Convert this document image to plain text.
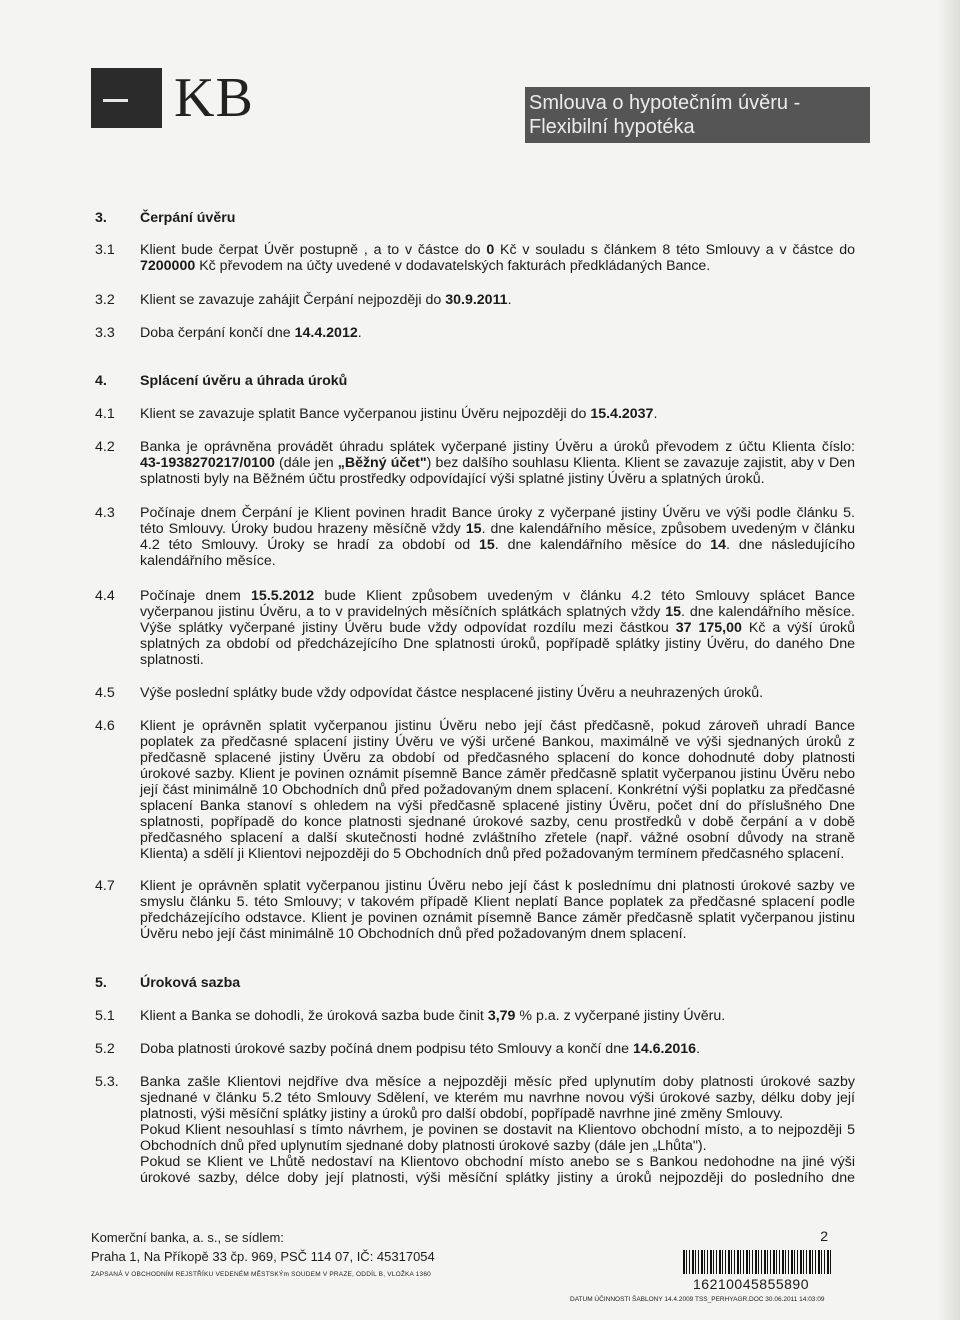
KB	Smlouva o hypotečním úvěru -
Flexibilní hypotéka
3.	Čerpání úvěru
3.1	Klient bude čerpat Úvěr postupně , a to v částce do 0 Kč v souladu s článkem 8 této Smlouvy a v částce do
7200000 Kč převodem na účty uvedené v dodavatelských fakturách předkládaných Bance.
3.2	Klient se zavazuje zahájit Čerpání nejpozději do 30.9.2011.
3.3	Doba čerpání končí dne 14.4.2012.
4.	Splácení úvěru a úhrada úroků
4.1	Klient se zavazuje splatit Bance vyčerpanou jistinu Úvěru nejpozději do 15.4.2037.
4.2	Banka je oprávněna provádět úhradu splátek vyčerpané jistiny Úvěru a úroků převodem z účtu Klienta číslo:
43-1938270217/0100 (dále jen „Běžný účet") bez dalšího souhlasu Klienta. Klient se zavazuje zajistit, aby v Den
splatnosti byly na Běžném účtu prostředky odpovídající výši splatné jistiny Úvěru a splatných úroků.
4.3	Počínaje dnem Čerpání je Klient povinen hradit Bance úroky z vyčerpané jistiny Úvěru ve výši podle článku 5.
této Smlouvy. Úroky budou hrazeny měsíčně vždy 15. dne kalendářního měsíce, způsobem uvedeným v článku
4.2 této Smlouvy. Úroky se hradí za období od 15. dne kalendářního měsíce do 14. dne následujícího
kalendářního měsíce.
4.4	Počínaje dnem 15.5.2012 bude Klient způsobem uvedeným v článku 4.2 této Smlouvy splácet Bance
vyčerpanou jistinu Úvěru, a to v pravidelných měsíčních splátkách splatných vždy 15. dne kalendářního měsíce.
Výše splátky vyčerpané jistiny Úvěru bude vždy odpovídat rozdílu mezi částkou 37 175,00 Kč a výší úroků
splatných za období od předcházejícího Dne splatnosti úroků, popřípadě splátky jistiny Úvěru, do daného Dne
splatnosti.
4.5	Výše poslední splátky bude vždy odpovídat částce nesplacené jistiny Úvěru a neuhrazených úroků.
4.6	Klient je oprávněn splatit vyčerpanou jistinu Úvěru nebo její část předčasně, pokud zároveň uhradí Bance
poplatek za předčasné splacení jistiny Úvěru ve výši určené Bankou, maximálně ve výši sjednaných úroků z
předčasně splacené jistiny Úvěru za období od předčasného splacení do konce dohodnuté doby platnosti
úrokové sazby. Klient je povinen oznámit písemně Bance záměr předčasně splatit vyčerpanou jistinu Úvěru nebo
její část minimálně 10 Obchodních dnů před požadovaným dnem splacení. Konkrétní výši poplatku za předčasné
splacení Banka stanoví s ohledem na výši předčasně splacené jistiny Úvěru, počet dní do příslušného Dne
splatnosti, popřípadě do konce platnosti sjednané úrokové sazby, cenu prostředků v době čerpání a v době
předčasného splacení a další skutečnosti hodné zvláštního zřetele (např. vážné osobní důvody na straně
Klienta) a sdělí ji Klientovi nejpozději do 5 Obchodních dnů před požadovaným termínem předčasného splacení.
4.7	Klient je oprávněn splatit vyčerpanou jistinu Úvěru nebo její část k poslednímu dni platnosti úrokové sazby ve
smyslu článku 5. této Smlouvy; v takovém případě Klient neplatí Bance poplatek za předčasné splacení podle
předcházejícího odstavce. Klient je povinen oznámit písemně Bance záměr předčasně splatit vyčerpanou jistinu
Úvěru nebo její část minimálně 10 Obchodních dnů před požadovaným dnem splacení.
5.	Úroková sazba
5.1	Klient a Banka se dohodli, že úroková sazba bude činit 3,79 % p.a. z vyčerpané jistiny Úvěru.
5.2	Doba platnosti úrokové sazby počíná dnem podpisu této Smlouvy a končí dne 14.6.2016.
5.3.	Banka zašle Klientovi nejdříve dva měsíce a nejpozději měsíc před uplynutím doby platnosti úrokové sazby
sjednané v článku 5.2 této Smlouvy Sdělení, ve kterém mu navrhne novou výši úrokové sazby, délku doby její
platnosti, výši měsíční splátky jistiny a úroků pro další období, popřípadě navrhne jiné změny Smlouvy.
Pokud Klient nesouhlasí s tímto návrhem, je povinen se dostavit na Klientovo obchodní místo, a to nejpozději 5
Obchodních dnů před uplynutím sjednané doby platnosti úrokové sazby (dále jen „Lhůta").
Pokud se Klient ve Lhůtě nedostaví na Klientovo obchodní místo anebo se s Bankou nedohodne na jiné výši
úrokové sazby, délce doby její platnosti, výši měsíční splátky jistiny a úroků nejpozději do posledního dne
Komerční banka, a. s., se sídlem:
Praha 1, Na Příkopě 33 čp. 969, PSČ 114 07, IČ: 45317054
ZAPSANÁ V OBCHODNÍM REJSTŘÍKU VEDENÉM MĚSTSKÝm SOUDEM V PRAZE, ODDÍL B, VLOŽKA 1360
2
16210045855890
DATUM ÚČINNOSTI ŠABLONY 14.4.2009 TSS_PERHYAGR.DOC 30.06.2011 14:03:09
